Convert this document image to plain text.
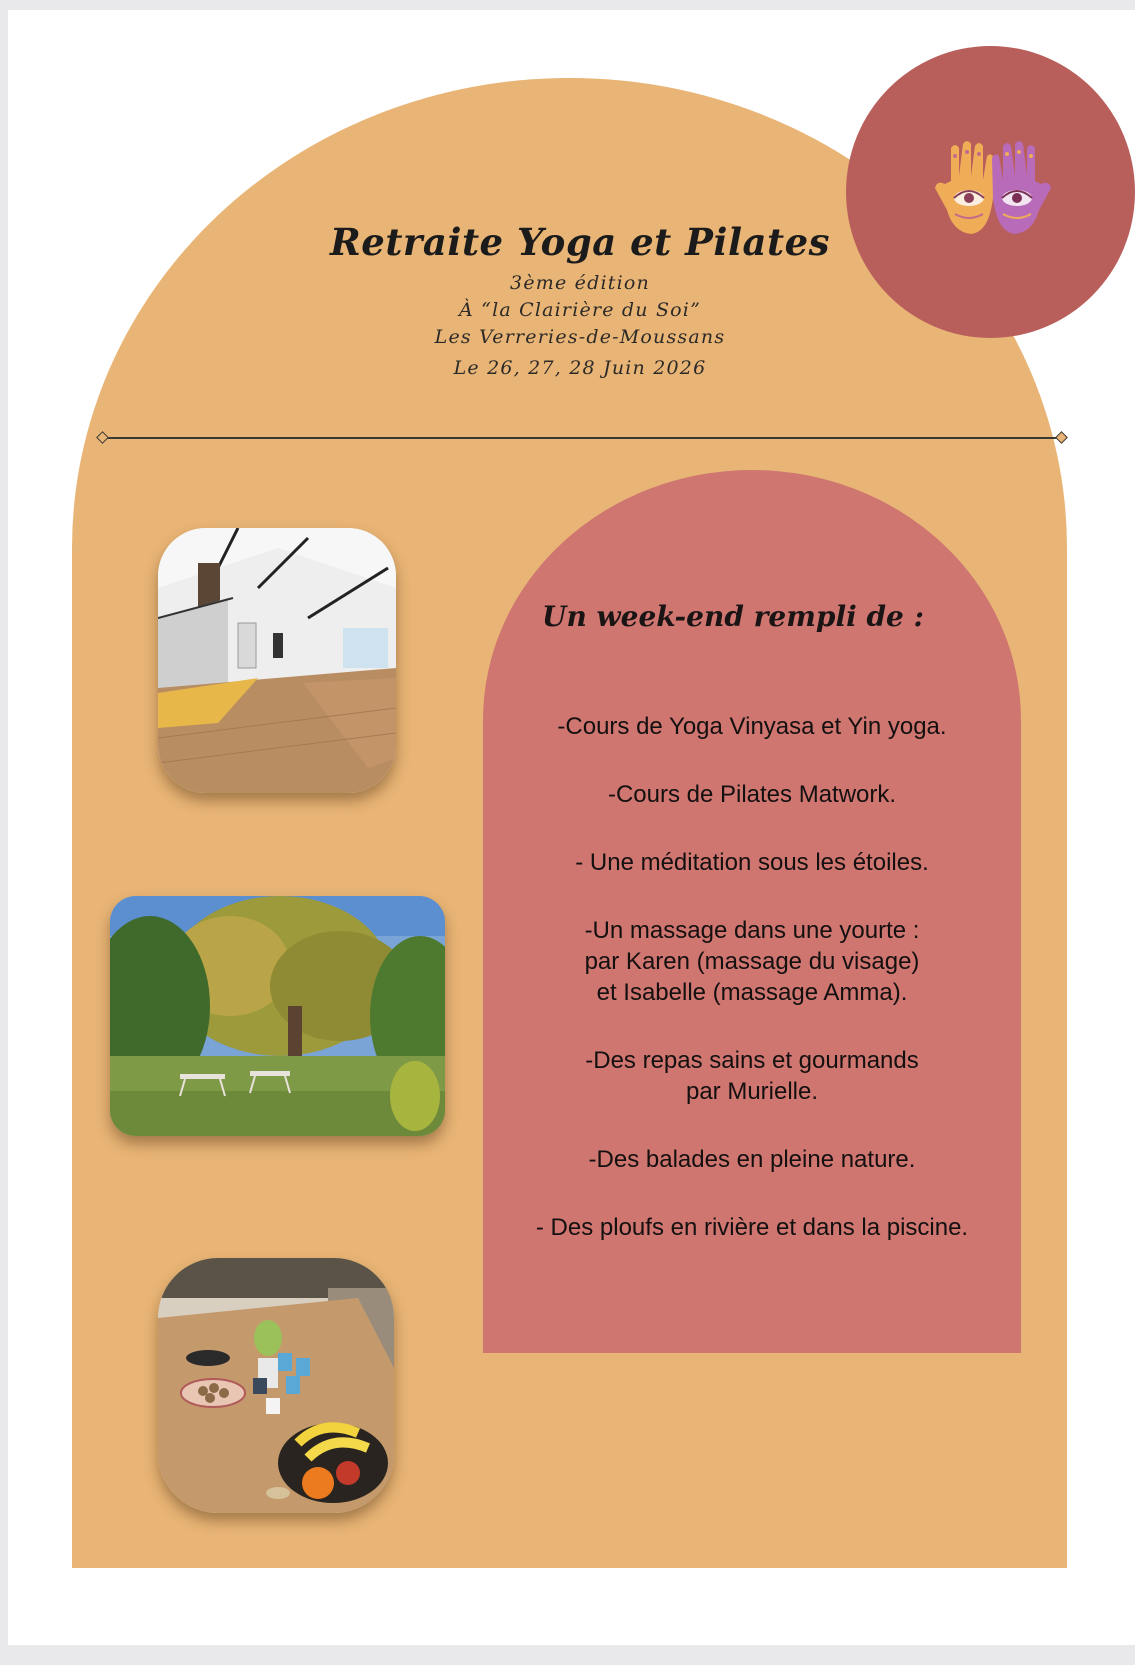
Retraite Yoga et Pilates
3ème édition
À “la Clairière du Soi”
Les Verreries-de-Moussans
Le 26, 27, 28 Juin 2026
Un week-end rempli de :
-Cours de Yoga Vinyasa et Yin yoga.
-Cours de Pilates Matwork.
- Une méditation sous les étoiles.
-Un massage dans une yourte :
par Karen (massage du visage)
et Isabelle (massage Amma).
-Des repas sains et gourmands
par Murielle.
-Des balades en pleine nature.
- Des ploufs en rivière et dans la piscine.
